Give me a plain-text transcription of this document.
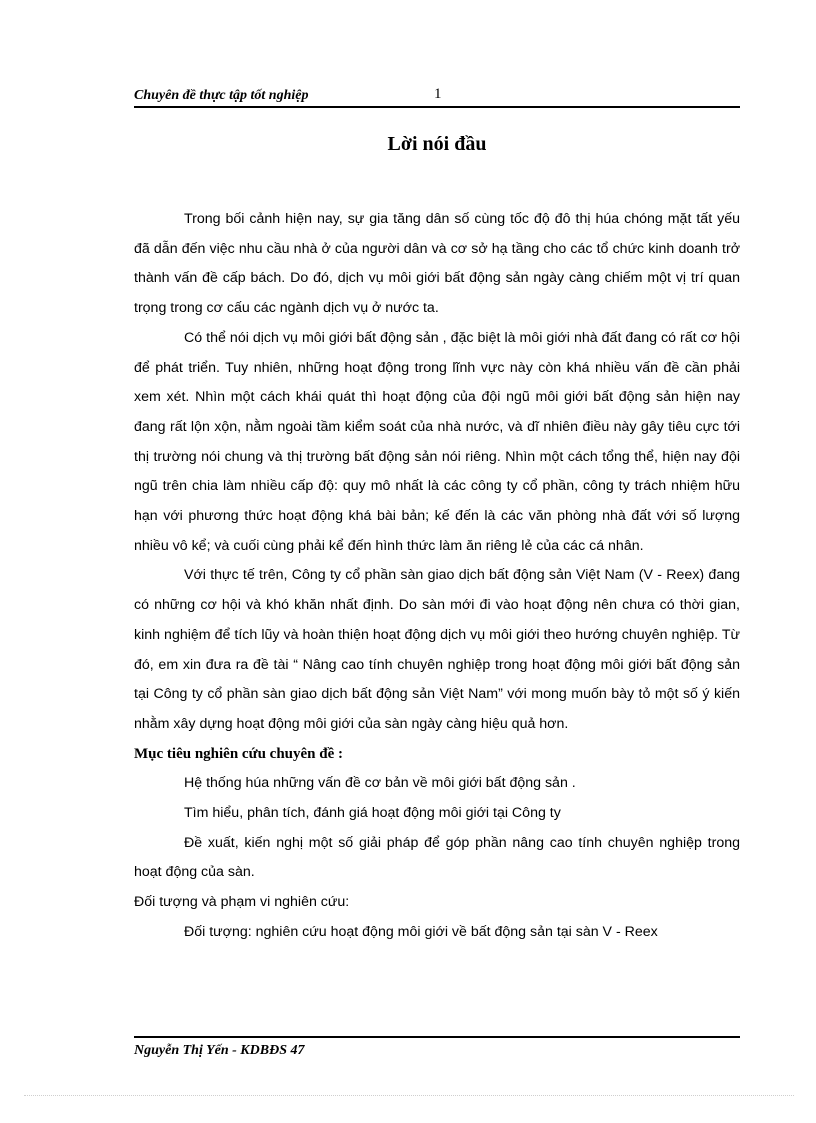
Chuyên đề thực tập tốt nghiệp	1
Lời nói đầu

Trong bối cảnh hiện nay, sự gia tăng dân số cùng tốc độ đô thị húa chóng mặt tất yếu đã dẫn đến việc nhu cầu nhà ở của người dân và cơ sở hạ tầng cho các tổ chức kinh doanh trở thành vấn đề cấp bách. Do đó, dịch vụ môi giới bất động sản ngày càng chiếm một vị trí quan trọng trong cơ cấu các ngành dịch vụ ở nước ta.

Có thể nói dịch vụ môi giới bất động sản , đặc biệt là môi giới nhà đất đang có rất cơ hội để phát triển. Tuy nhiên, những hoạt động trong lĩnh vực này còn khá nhiều vấn đề cần phải xem xét. Nhìn một cách khái quát thì hoạt động của đội ngũ môi giới bất động sản hiện nay đang rất lộn xộn, nằm ngoài tầm kiểm soát của nhà nước, và dĩ nhiên điều này gây tiêu cực tới thị trường nói chung và thị trường bất động sản nói riêng. Nhìn một cách tổng thể, hiện nay đội ngũ trên chia làm nhiều cấp độ: quy mô nhất là các công ty cổ phần, công ty trách nhiệm hữu hạn với phương thức hoạt động khá bài bản; kế đến là các văn phòng nhà đất với số lượng nhiều vô kể; và cuối cùng phải kể đến hình thức làm ăn riêng lẻ của các cá nhân.

Với thực tế trên, Công ty cổ phần sàn giao dịch bất động sản Việt Nam (V - Reex) đang có những cơ hội và khó khăn nhất định. Do sàn mới đi vào hoạt động nên chưa có thời gian, kinh nghiệm để tích lũy và hoàn thiện hoạt động dịch vụ môi giới theo hướng chuyên nghiệp. Từ đó, em xin đưa ra đề tài “ Nâng cao tính chuyên nghiệp trong hoạt động môi giới bất động sản tại Công ty cổ phần sàn giao dịch bất động sản Việt Nam” với mong muốn bày tỏ một số ý kiến nhằm xây dựng hoạt động môi giới của sàn ngày càng hiệu quả hơn.

Mục tiêu nghiên cứu chuyên đề :

Hệ thống húa những vấn đề cơ bản về môi giới bất động sản .

Tìm hiểu, phân tích, đánh giá hoạt động môi giới tại Công ty

Đề xuất, kiến nghị một số giải pháp để góp phần nâng cao tính chuyên nghiệp trong hoạt động của sàn.

Đối tượng và phạm vi nghiên cứu:

Đối tượng: nghiên cứu hoạt động môi giới về bất động sản tại sàn V - Reex

Nguyễn Thị Yến - KDBĐS 47
